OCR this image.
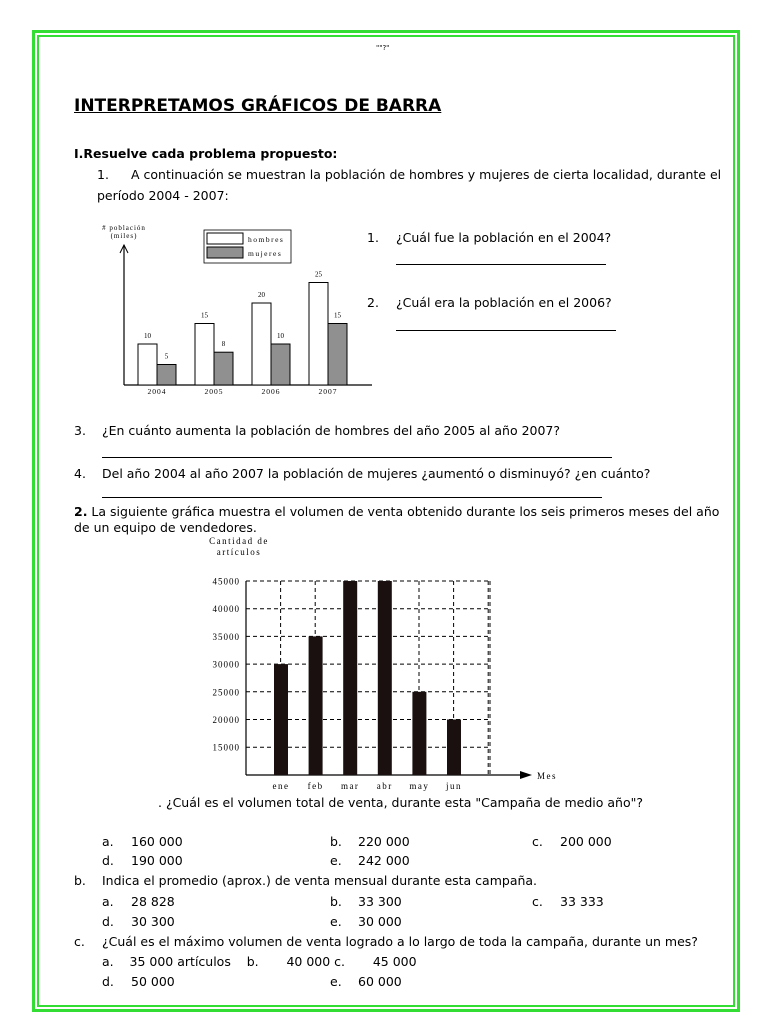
""?"
INTERPRETAMOS GRÁFICOS DE BARRA
I.Resuelve cada problema propuesto:
1. A continuación se muestran la población de hombres y mujeres de cierta localidad, durante el
período 2004 - 2007:
# población
(miles)
10
5
2004
15
8
2005
20
10
2006
25
15
2007
hombres
mujeres
1. ¿Cuál fue la población en el 2004?
2. ¿Cuál era la población en el 2006?
3. ¿En cuánto aumenta la población de hombres del año 2005 al año 2007?
4. Del año 2004 al año 2007 la población de mujeres ¿aumentó o disminuyó? ¿en cuánto?
2. La siguiente gráfica muestra el volumen de venta obtenido durante los seis primeros meses del año
de un equipo de vendedores.
Cantidad de
artículos
45000
40000
35000
30000
25000
20000
15000
Mes
ene feb mar abr may jun
. ¿Cuál es el volumen total de venta, durante esta "Campaña de medio año"?
a. 160 000	b. 220 000	c. 200 000
d. 190 000	e. 242 000
b. Indica el promedio (aprox.) de venta mensual durante esta campaña.
a. 28 828	b. 33 300	c. 33 333
d. 30 300	e. 30 000
c. ¿Cuál es el máximo volumen de venta logrado a lo largo de toda la campaña, durante un mes?
a.    35 000 artículos    b.       40 000 c.       45 000
d. 50 000	e. 60 000
